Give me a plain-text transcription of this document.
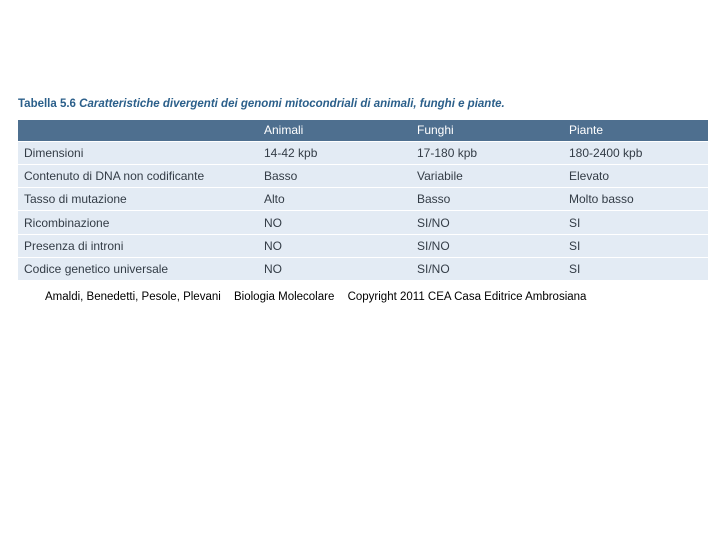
Tabella 5.6 Caratteristiche divergenti dei genomi mitocondriali di animali, funghi e piante.
	Animali	Funghi	Piante
Dimensioni	14-42 kpb	17-180 kpb	180-2400 kpb
Contenuto di DNA non codificante	Basso	Variabile	Elevato
Tasso di mutazione	Alto	Basso	Molto basso
Ricombinazione	NO	SI/NO	SI
Presenza di introni	NO	SI/NO	SI
Codice genetico universale	NO	SI/NO	SI
Amaldi, Benedetti, Pesole, Plevani Biologia Molecolare Copyright 2011 CEA Casa Editrice Ambrosiana
